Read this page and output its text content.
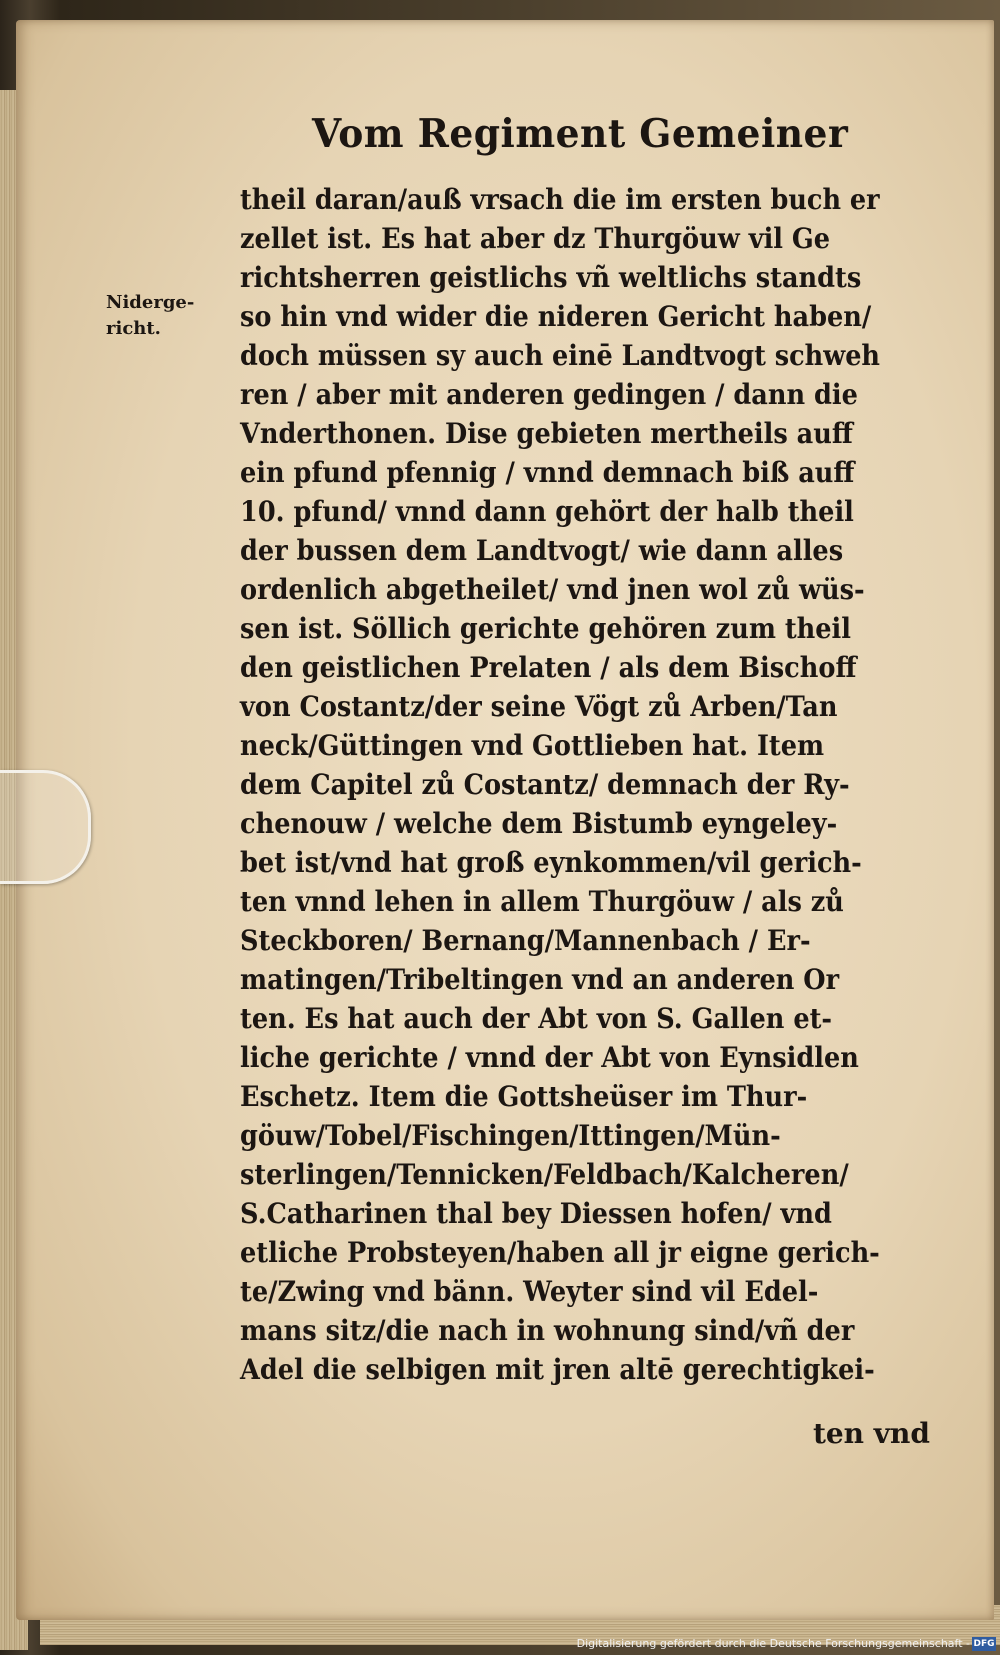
Vom Regiment Gemeiner
Niderge-
richt.
theil daran/auß vrsach die im ersten buch er
zellet ist. Es hat aber dz Thurgöuw vil Ge
richtsherren geistlichs vñ weltlichs standts
so hin vnd wider die nideren Gericht haben/
doch müssen sy auch einē Landtvogt schweh
ren / aber mit anderen gedingen / dann die
Vnderthonen. Dise gebieten mertheils auff
ein pfund pfennig / vnnd demnach biß auff
10. pfund/ vnnd dann gehört der halb theil
der bussen dem Landtvogt/ wie dann alles
ordenlich abgetheilet/ vnd jnen wol zů wüs-
sen ist. Söllich gerichte gehören zum theil
den geistlichen Prelaten / als dem Bischoff
von Costantz/der seine Vögt zů Arben/Tan
neck/Güttingen vnd Gottlieben hat. Item
dem Capitel zů Costantz/ demnach der Ry-
chenouw / welche dem Bistumb eyngeley-
bet ist/vnd hat groß eynkommen/vil gerich-
ten vnnd lehen in allem Thurgöuw / als zů
Steckboren/ Bernang/Mannenbach / Er-
matingen/Tribeltingen vnd an anderen Or
ten. Es hat auch der Abt von S. Gallen et-
liche gerichte / vnnd der Abt von Eynsidlen
Eschetz. Item die Gottsheüser im Thur-
göuw/Tobel/Fischingen/Ittingen/Mün-
sterlingen/Tennicken/Feldbach/Kalcheren/
S.Catharinen thal bey Diessen hofen/ vnd
etliche Probsteyen/haben all jr eigne gerich-
te/Zwing vnd bänn. Weyter sind vil Edel-
mans sitz/die nach in wohnung sind/vñ der
Adel die selbigen mit jren altē gerechtigkei-
ten vnd
Digitalisierung gefördert durch die Deutsche Forschungsgemeinschaft - DFG
